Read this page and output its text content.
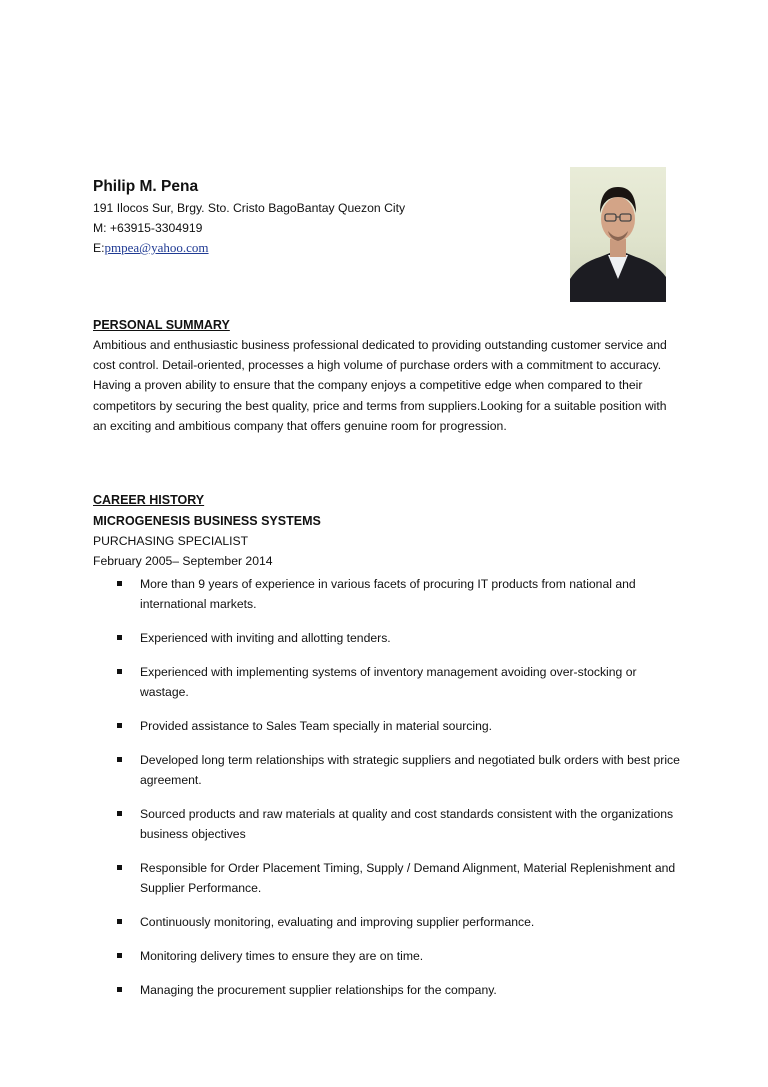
Philip M. Pena

191 Ilocos Sur, Brgy. Sto. Cristo BagoBantay Quezon City

M: +63915-3304919

E:pmpea@yahoo.com

PERSONAL SUMMARY

Ambitious and enthusiastic business professional dedicated to providing outstanding customer service and cost control. Detail-oriented, processes a high volume of purchase orders with a commitment to accuracy. Having a proven ability to ensure that the company enjoys a competitive edge when compared to their competitors by securing the best quality, price and terms from suppliers.Looking for a suitable position with an exciting and ambitious company that offers genuine room for progression.

CAREER HISTORY

MICROGENESIS BUSINESS SYSTEMS

PURCHASING SPECIALIST

February 2005– September 2014

More than 9 years of experience in various facets of procuring IT products from national and international markets.
Experienced with inviting and allotting tenders.
Experienced with implementing systems of inventory management avoiding over-stocking or wastage.
Provided assistance to Sales Team specially in material sourcing.
Developed long term relationships with strategic suppliers and negotiated bulk orders with best price agreement.
Sourced products and raw materials at quality and cost standards consistent with the organizations business objectives
Responsible for Order Placement Timing, Supply / Demand Alignment, Material Replenishment and Supplier Performance.
Continuously monitoring, evaluating and improving supplier performance.
Monitoring delivery times to ensure they are on time.
Managing the procurement supplier relationships for the company.
